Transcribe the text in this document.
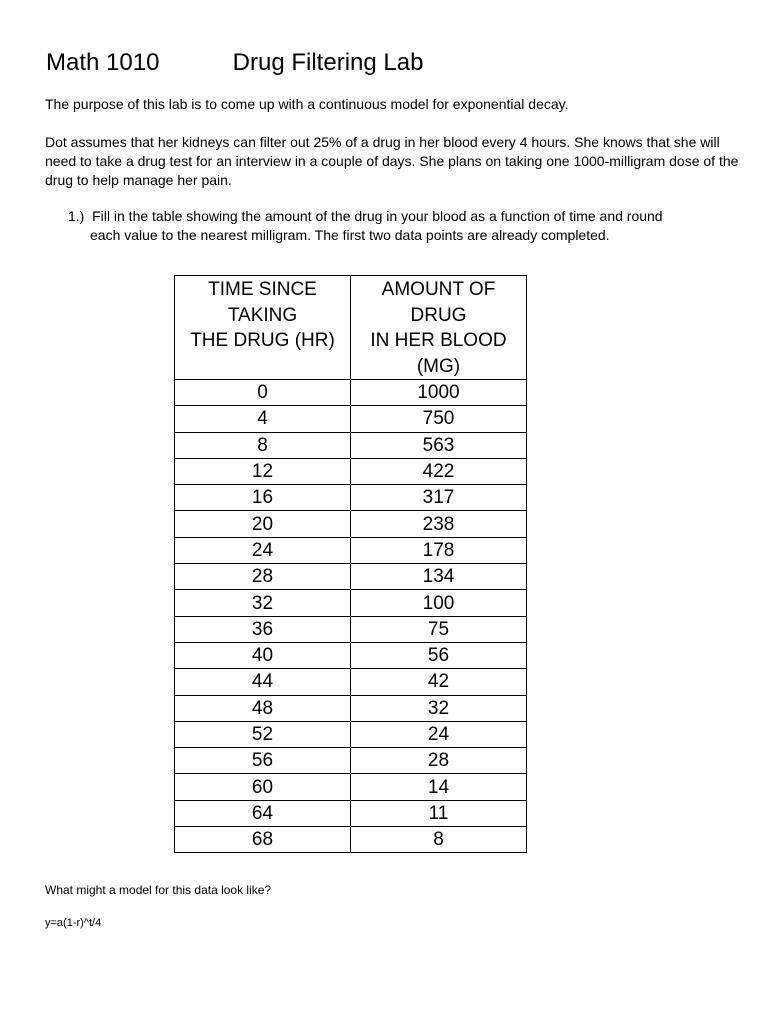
Math 1010	Drug Filtering Lab
The purpose of this lab is to come up with a continuous model for exponential decay.
Dot assumes that her kidneys can filter out 25% of a drug in her blood every 4 hours. She knows that she will need to take a drug test for an interview in a couple of days. She plans on taking one 1000-milligram dose of the drug to help manage her pain.
1.) Fill in the table showing the amount of the drug in your blood as a function of time and round
each value to the nearest milligram. The first two data points are already completed.
TIME SINCE
TAKING
THE DRUG (HR)	AMOUNT OF
DRUG
IN HER BLOOD
(MG)

0	1000
4	750
8	563
12	422
16	317
20	238
24	178
28	134
32	100
36	75
40	56
44	42
48	32
52	24
56	28
60	14
64	11
68	8
What might a model for this data look like?
y=a(1-r)^t/4
